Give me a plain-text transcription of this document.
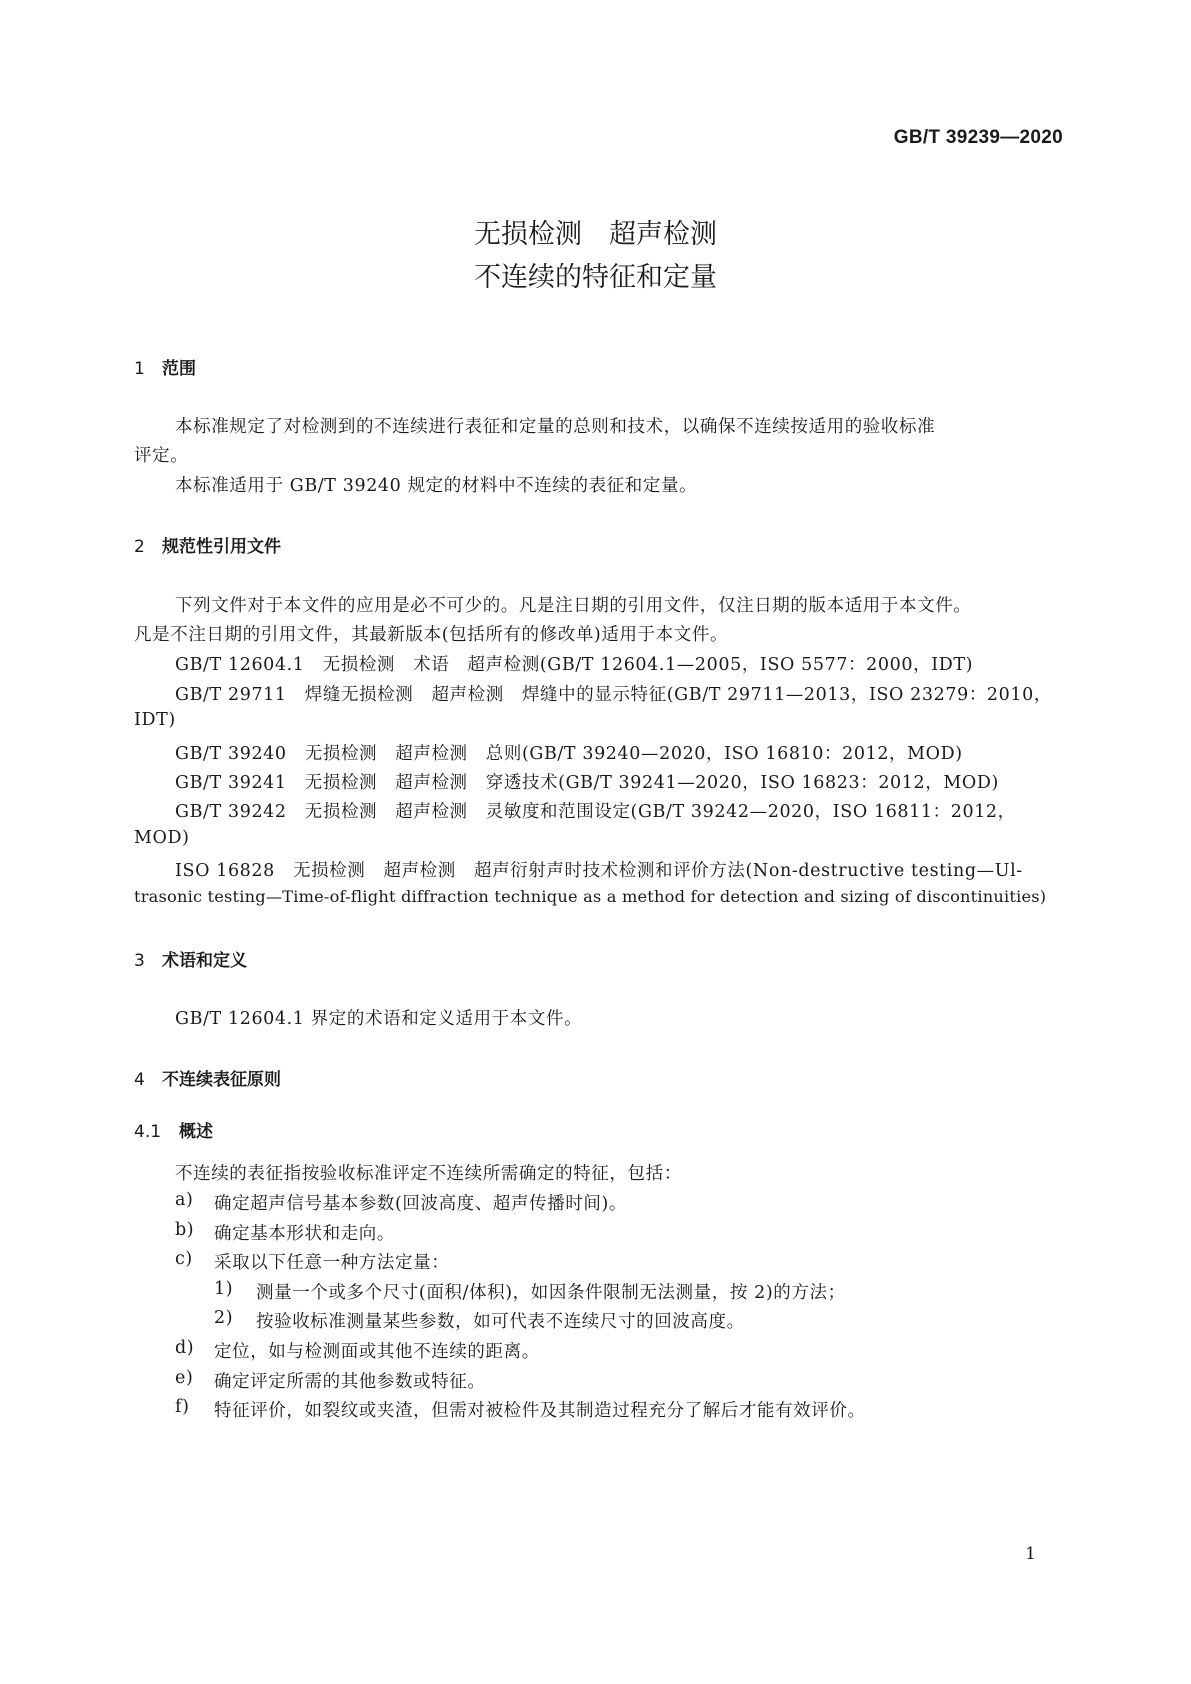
GB/T 39239—2020

无损检测　超声检测
不连续的特征和定量
1 范围

本标准规定了对检测到的不连续进行表征和定量的总则和技术，以确保不连续按适用的验收标准

评定。

本标准适用于 GB/T 39240 规定的材料中不连续的表征和定量。

2 规范性引用文件

下列文件对于本文件的应用是必不可少的。凡是注日期的引用文件，仅注日期的版本适用于本文件。

凡是不注日期的引用文件，其最新版本(包括所有的修改单)适用于本文件。

GB/T 12604.1　无损检测　术语　超声检测(GB/T 12604.1—2005，ISO 5577：2000，IDT)

GB/T 29711　焊缝无损检测　超声检测　焊缝中的显示特征(GB/T 29711—2013，ISO 23279：2010，

IDT)

GB/T 39240　无损检测　超声检测　总则(GB/T 39240—2020，ISO 16810：2012，MOD)

GB/T 39241　无损检测　超声检测　穿透技术(GB/T 39241—2020，ISO 16823：2012，MOD)

GB/T 39242　无损检测　超声检测　灵敏度和范围设定(GB/T 39242—2020，ISO 16811：2012，

MOD)

ISO 16828　无损检测　超声检测　超声衍射声时技术检测和评价方法(Non-destructive testing—Ul-

trasonic testing—Time-of-flight diffraction technique as a method for detection and sizing of discontinuities)

3 术语和定义

GB/T 12604.1 界定的术语和定义适用于本文件。

4 不连续表征原则
4.1 概述

不连续的表征指按验收标准评定不连续所需确定的特征，包括：

a)	确定超声信号基本参数(回波高度、超声传播时间)。
b)	确定基本形状和走向。
c)	采取以下任意一种方法定量：
1)	测量一个或多个尺寸(面积/体积)，如因条件限制无法测量，按 2)的方法；
2)	按验收标准测量某些参数，如可代表不连续尺寸的回波高度。
d)	定位，如与检测面或其他不连续的距离。
e)	确定评定所需的其他参数或特征。
f)	特征评价，如裂纹或夹渣，但需对被检件及其制造过程充分了解后才能有效评价。

1
